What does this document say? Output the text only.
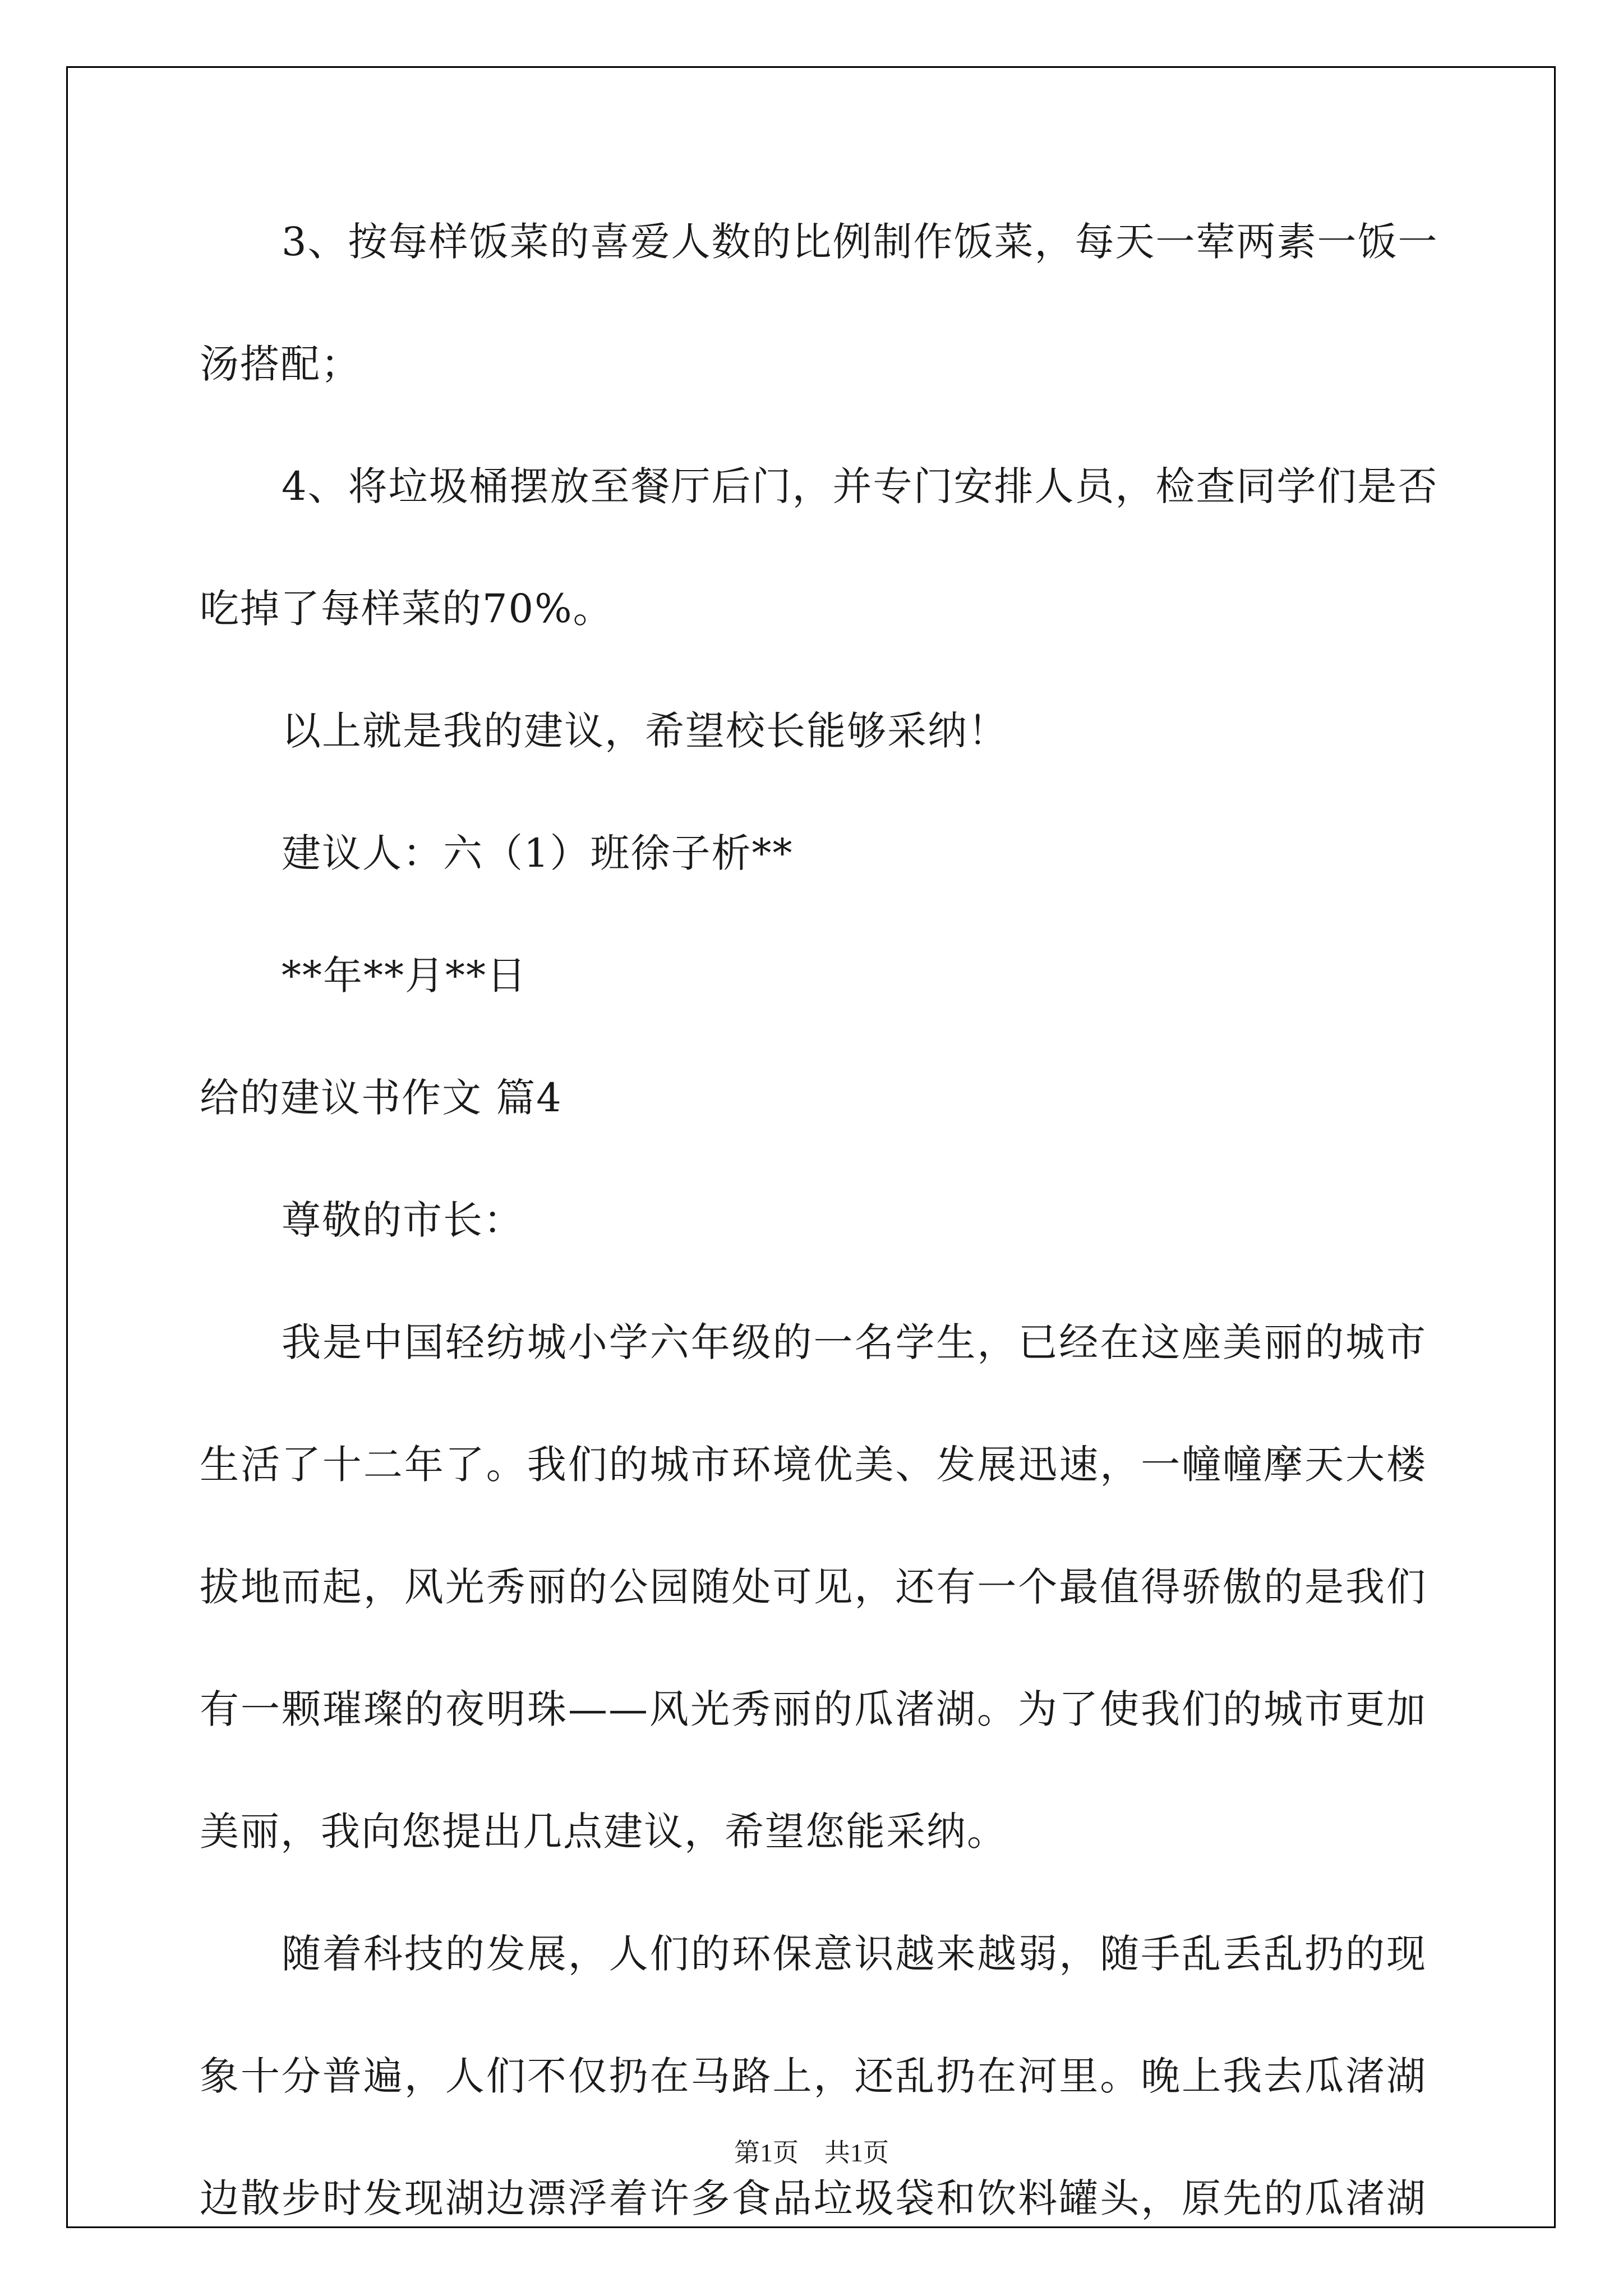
3、按每样饭菜的喜爱人数的比例制作饭菜，每天一荤两素一饭一
汤搭配；
4、将垃圾桶摆放至餐厅后门，并专门安排人员，检查同学们是否
吃掉了每样菜的70%。
以上就是我的建议，希望校长能够采纳！
建议人：六（1）班徐子析**
**年**月**日
给的建议书作文 篇4
尊敬的市长：
我是中国轻纺城小学六年级的一名学生，已经在这座美丽的城市
生活了十二年了。我们的城市环境优美、发展迅速，一幢幢摩天大楼
拔地而起，风光秀丽的公园随处可见，还有一个最值得骄傲的是我们
有一颗璀璨的夜明珠——风光秀丽的瓜渚湖。为了使我们的城市更加
美丽，我向您提出几点建议，希望您能采纳。
随着科技的发展，人们的环保意识越来越弱，随手乱丢乱扔的现
象十分普遍，人们不仅扔在马路上，还乱扔在河里。晚上我去瓜渚湖
边散步时发现湖边漂浮着许多食品垃圾袋和饮料罐头，原先的瓜渚湖
第1页　共1页
